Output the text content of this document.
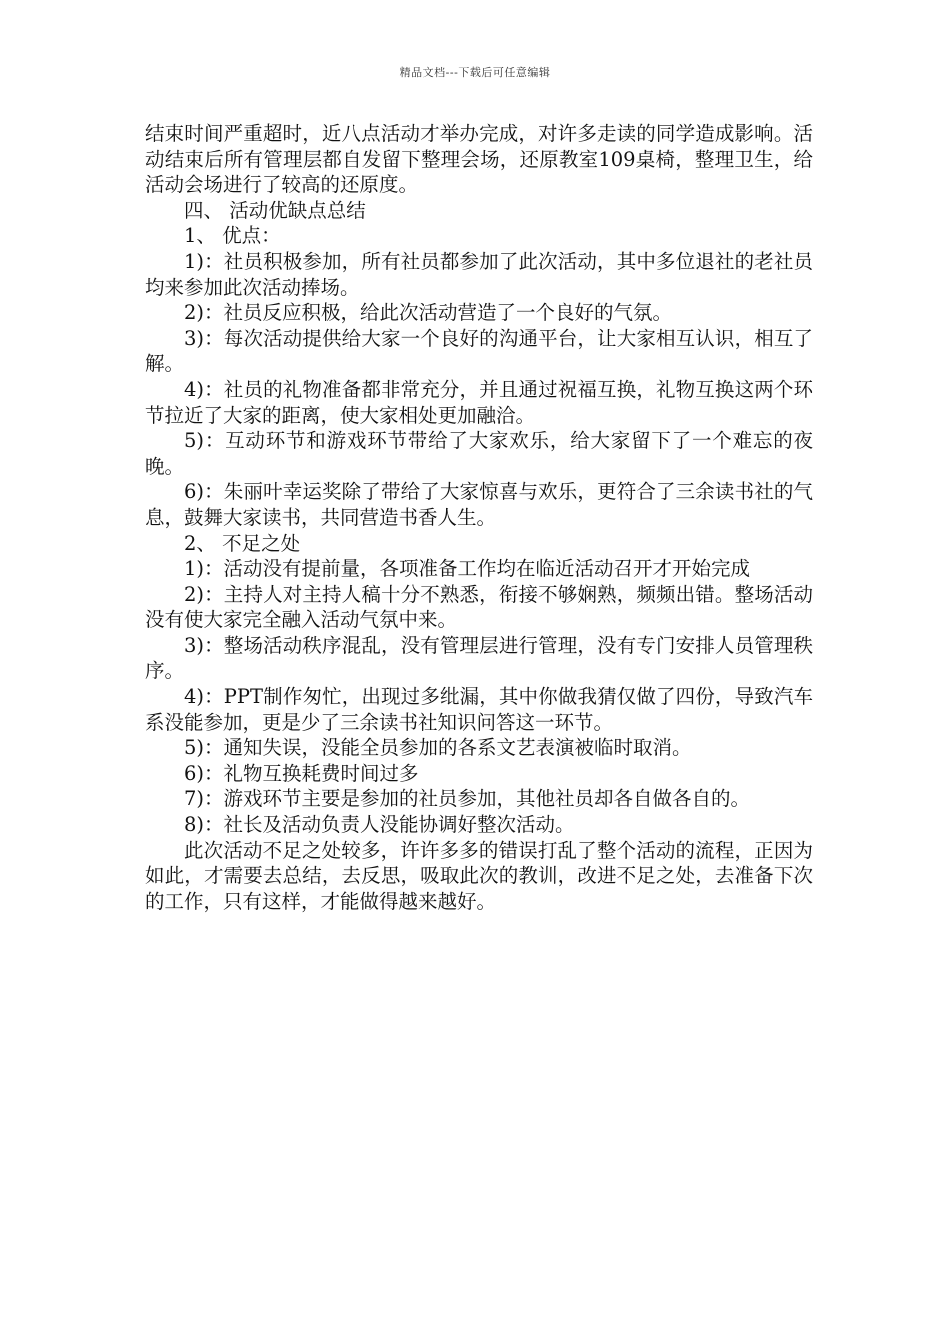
精品文档---下载后可任意编辑

结束时间严重超时，近八点活动才举办完成，对许多走读的同学造成影响。活动结束后所有管理层都自发留下整理会场，还原教室109桌椅，整理卫生，给活动会场进行了较高的还原度。

四、 活动优缺点总结

1、 优点：

1)：社员积极参加，所有社员都参加了此次活动，其中多位退社的老社员均来参加此次活动捧场。

2)：社员反应积极，给此次活动营造了一个良好的气氛。

3)：每次活动提供给大家一个良好的沟通平台，让大家相互认识，相互了解。

4)：社员的礼物准备都非常充分，并且通过祝福互换，礼物互换这两个环节拉近了大家的距离，使大家相处更加融洽。

5)：互动环节和游戏环节带给了大家欢乐，给大家留下了一个难忘的夜晚。

6)：朱丽叶幸运奖除了带给了大家惊喜与欢乐，更符合了三余读书社的气息，鼓舞大家读书，共同营造书香人生。

2、 不足之处

1)：活动没有提前量，各项准备工作均在临近活动召开才开始完成

2)：主持人对主持人稿十分不熟悉，衔接不够娴熟，频频出错。整场活动没有使大家完全融入活动气氛中来。

3)：整场活动秩序混乱，没有管理层进行管理，没有专门安排人员管理秩序。

4)：PPT制作匆忙，出现过多纰漏，其中你做我猜仅做了四份，导致汽车系没能参加，更是少了三余读书社知识问答这一环节。

5)：通知失误，没能全员参加的各系文艺表演被临时取消。

6)：礼物互换耗费时间过多

7)：游戏环节主要是参加的社员参加，其他社员却各自做各自的。

8)：社长及活动负责人没能协调好整次活动。

此次活动不足之处较多，许许多多的错误打乱了整个活动的流程，正因为如此，才需要去总结，去反思，吸取此次的教训，改进不足之处，去准备下次的工作，只有这样，才能做得越来越好。
